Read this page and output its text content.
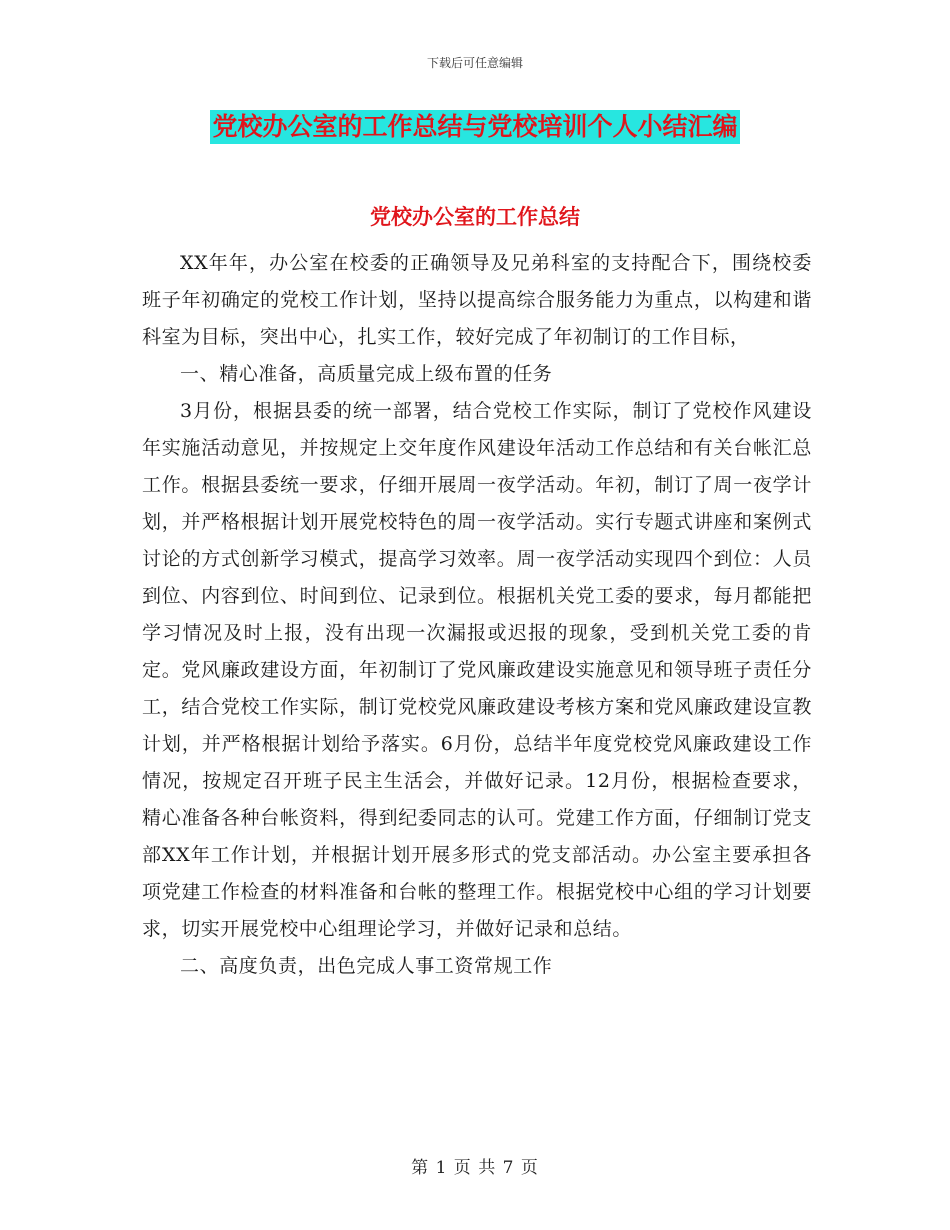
下载后可任意编辑
党校办公室的工作总结与党校培训个人小结汇编
党校办公室的工作总结

XX年年，办公室在校委的正确领导及兄弟科室的支持配合下，围绕校委班子年初确定的党校工作计划，坚持以提高综合服务能力为重点，以构建和谐科室为目标，突出中心，扎实工作，较好完成了年初制订的工作目标，

一、精心准备，高质量完成上级布置的任务

3月份，根据县委的统一部署，结合党校工作实际，制订了党校作风建设年实施活动意见，并按规定上交年度作风建设年活动工作总结和有关台帐汇总工作。根据县委统一要求，仔细开展周一夜学活动。年初，制订了周一夜学计划，并严格根据计划开展党校特色的周一夜学活动。实行专题式讲座和案例式讨论的方式创新学习模式，提高学习效率。周一夜学活动实现四个到位：人员到位、内容到位、时间到位、记录到位。根据机关党工委的要求，每月都能把学习情况及时上报，没有出现一次漏报或迟报的现象，受到机关党工委的肯定。党风廉政建设方面，年初制订了党风廉政建设实施意见和领导班子责任分工，结合党校工作实际，制订党校党风廉政建设考核方案和党风廉政建设宣教计划，并严格根据计划给予落实。6月份，总结半年度党校党风廉政建设工作情况，按规定召开班子民主生活会，并做好记录。12月份，根据检查要求，精心准备各种台帐资料，得到纪委同志的认可。党建工作方面，仔细制订党支部XX年工作计划，并根据计划开展多形式的党支部活动。办公室主要承担各项党建工作检查的材料准备和台帐的整理工作。根据党校中心组的学习计划要求，切实开展党校中心组理论学习，并做好记录和总结。

二、高度负责，出色完成人事工资常规工作

第 1 页 共 7 页
